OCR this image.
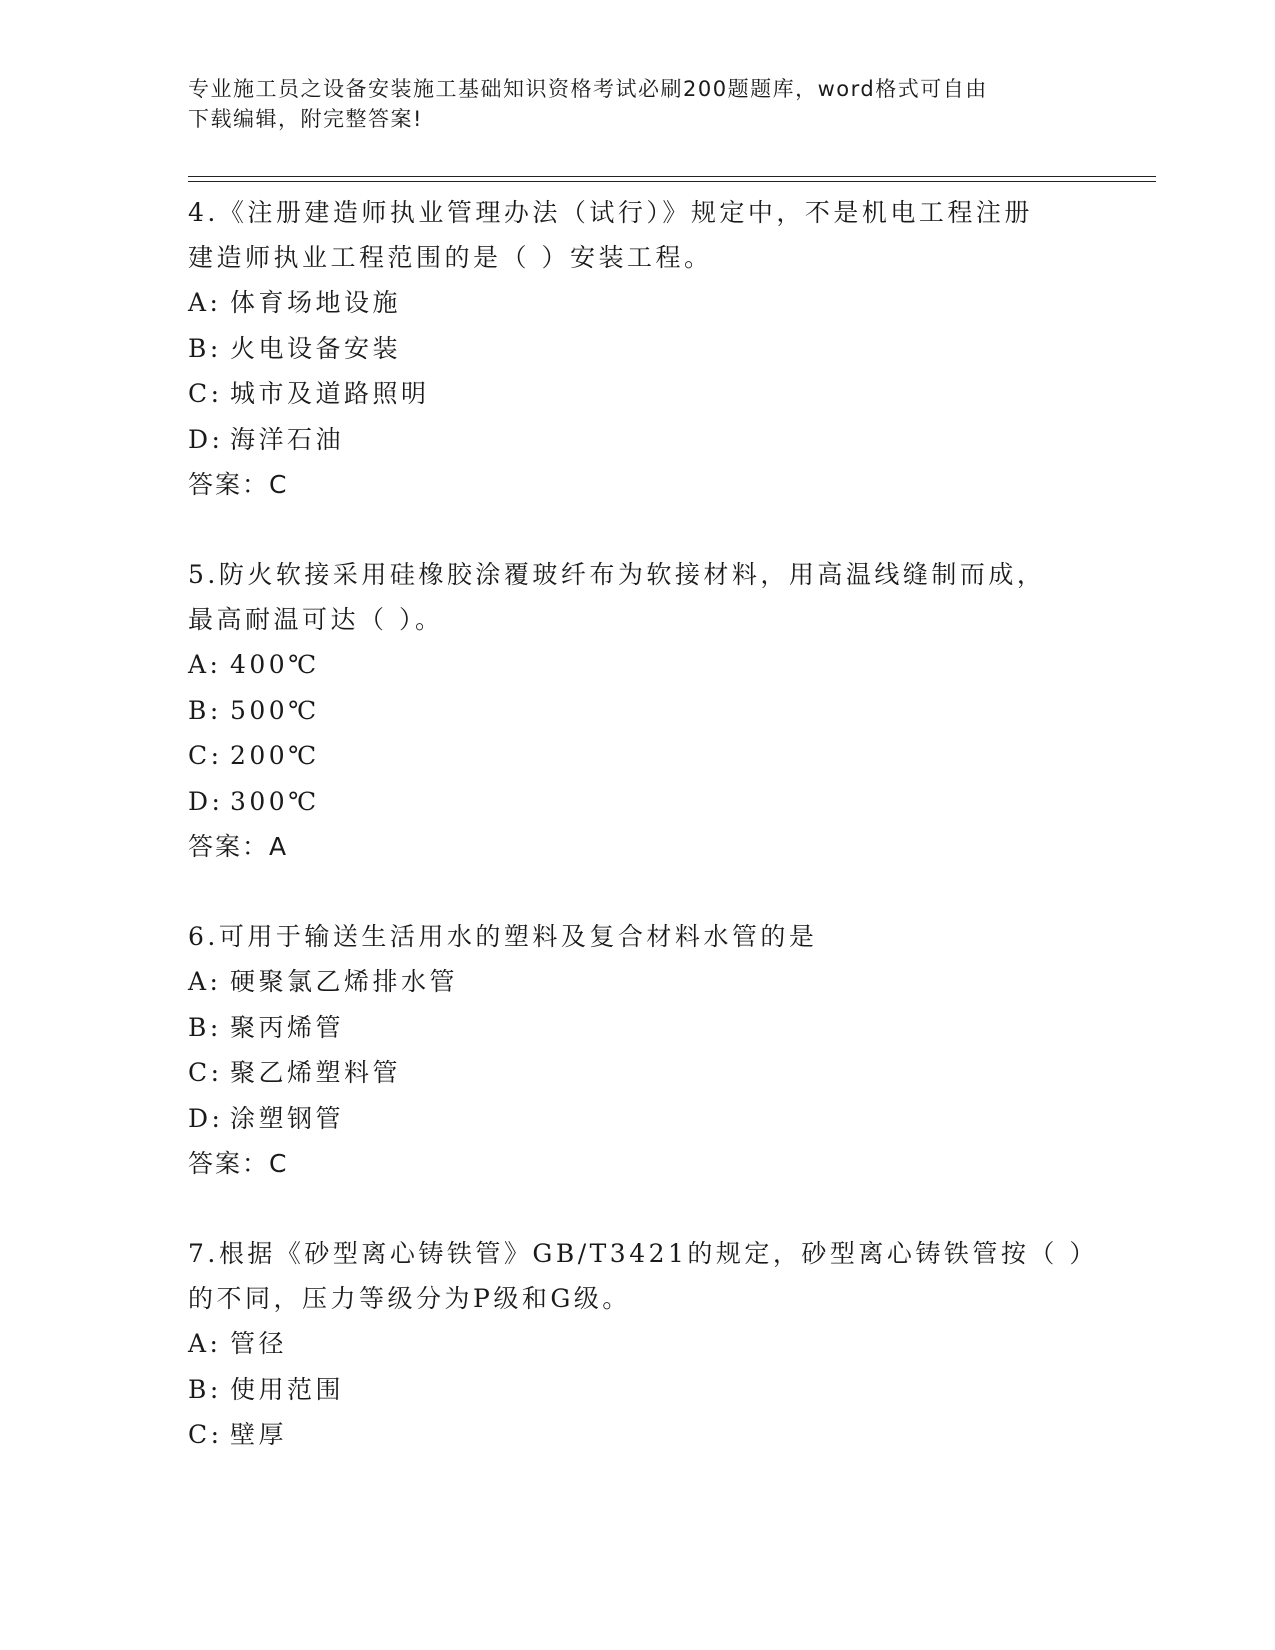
专业施工员之设备安装施工基础知识资格考试必刷200题题库，word格式可自由
下载编辑，附完整答案!

4.《注册建造师执业管理办法（试行）》规定中，不是机电工程注册

建造师执业工程范围的是（ ）安装工程。

A: 体育场地设施
B: 火电设备安装
C: 城市及道路照明
D: 海洋石油

答案：C

5.防火软接采用硅橡胶涂覆玻纤布为软接材料，用高温线缝制而成，

最高耐温可达（ ）。

A: 400℃
B: 500℃
C: 200℃
D: 300℃

答案：A

6.可用于输送生活用水的塑料及复合材料水管的是

A: 硬聚氯乙烯排水管
B: 聚丙烯管
C: 聚乙烯塑料管
D: 涂塑钢管

答案：C

7.根据《砂型离心铸铁管》GB/T3421的规定，砂型离心铸铁管按（ ）

的不同，压力等级分为P级和G级。

A: 管径
B: 使用范围
C: 壁厚
